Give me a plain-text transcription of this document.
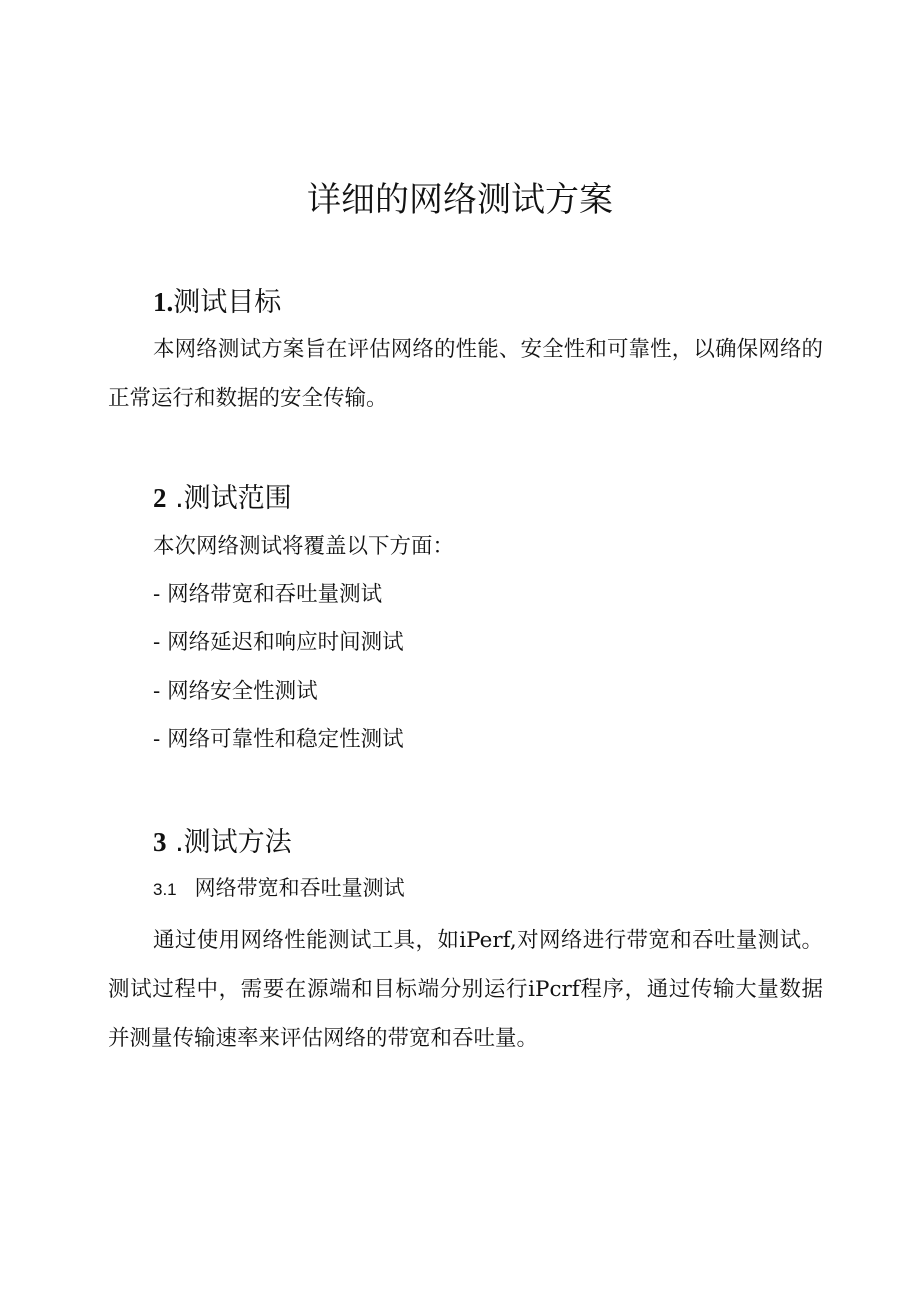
详细的网络测试方案
1.测试目标

本网络测试方案旨在评估网络的性能、安全性和可靠性，以确保网络的正常运行和数据的安全传输。

2 .测试范围
本次网络测试将覆盖以下方面：
- 网络带宽和吞吐量测试
- 网络延迟和响应时间测试
- 网络安全性测试
- 网络可靠性和稳定性测试
3 .测试方法
3.1 网络带宽和吞吐量测试

通过使用网络性能测试工具，如iPerf,对网络进行带宽和吞吐量测试。测试过程中，需要在源端和目标端分别运行iPcrf程序，通过传输大量数据并测量传输速率来评估网络的带宽和吞吐量。
